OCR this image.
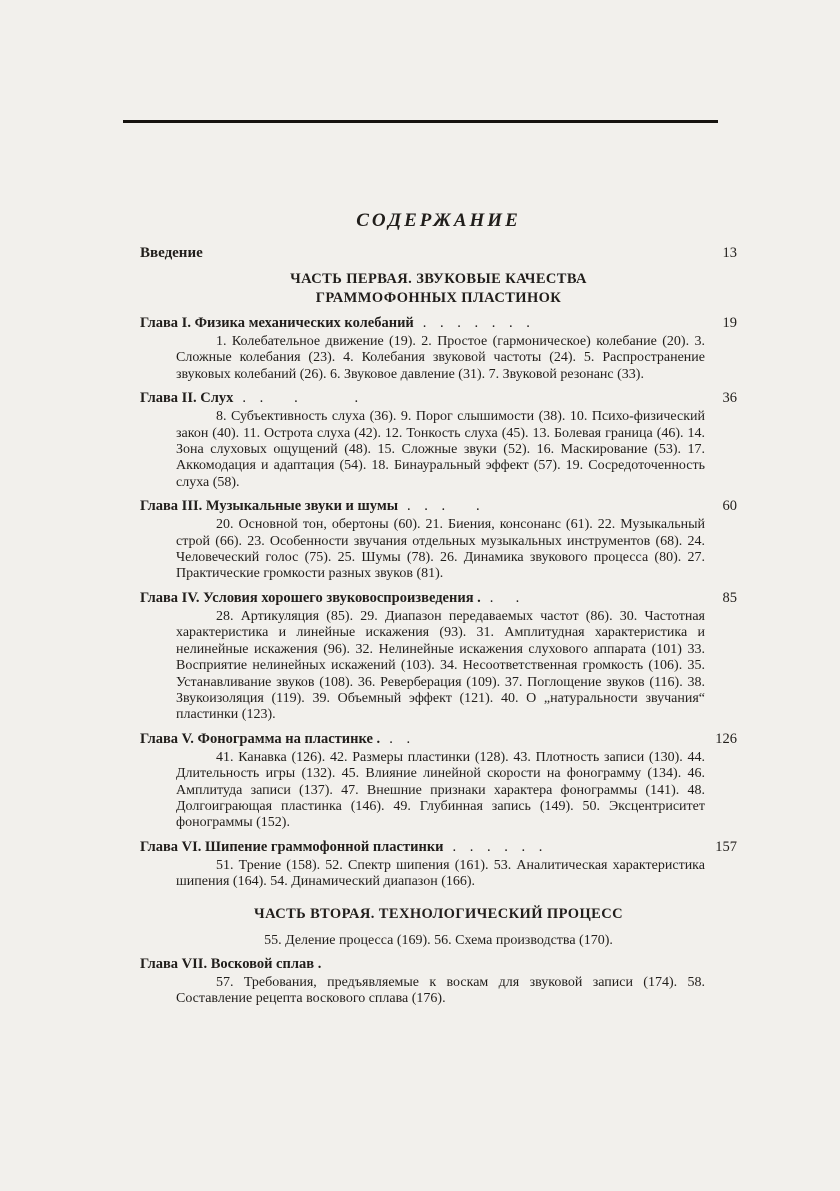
СОДЕРЖАНИЕ
Введение	13
ЧАСТЬ ПЕРВАЯ. ЗВУКОВЫЕ КАЧЕСТВА
ГРАММОФОННЫХ ПЛАСТИНОК
Глава I. Физика механических колебаний . . . . . . .	19

1. Колебательное движение (19). 2. Простое (гармоническое) колебание (20). 3. Сложные колебания (23). 4. Колебания звуковой частоты (24). 5. Распространение звуковых колебаний (26). 6. Звуковое давление (31). 7. Звуковой резонанс (33).

Глава II. Слух . .   .      .	36

8. Субъективность слуха (36). 9. Порог слышимости (38). 10. Психо-физический закон (40). 11. Острота слуха (42). 12. Тонкость слуха (45). 13. Болевая граница (46). 14. Зона слуховых ощущений (48). 15. Сложные звуки (52). 16. Маскирование (53). 17. Аккомодация и адаптация (54). 18. Бинауральный эффект (57). 19. Сосредоточенность слуха (58).

Глава III. Музыкальные звуки и шумы . . .   .	60

20. Основной тон, обертоны (60). 21. Биения, консонанс (61). 22. Музыкальный строй (66). 23. Особенности звучания отдельных музыкальных инструментов (68). 24. Человеческий голос (75). 25. Шумы (78). 26. Динамика звукового процесса (80). 27. Практические громкости разных звуков (81).

Глава IV. Условия хорошего звуковоспроизведения . .  .	85

28. Артикуляция (85). 29. Диапазон передаваемых частот (86). 30. Частотная характеристика и линейные искажения (93). 31. Амплитудная характеристика и нелинейные искажения (96). 32. Нелинейные искажения слухового аппарата (101) 33. Восприятие нелинейных искажений (103). 34. Несоответственная громкость (106). 35. Устанавливание звуков (108). 36. Реверберация (109). 37. Поглощение звуков (116). 38. Звукоизоляция (119). 39. Объемный эффект (121). 40. О „натуральности звучания“ пластинки (123).

Глава V. Фонограмма на пластинке . . .	126

41. Канавка (126). 42. Размеры пластинки (128). 43. Плотность записи (130). 44. Длительность игры (132). 45. Влияние линейной скорости на фонограмму (134). 46. Амплитуда записи (137). 47. Внешние признаки характера фонограммы (141). 48. Долгоиграющая пластинка (146). 49. Глубинная запись (149). 50. Эксцентриситет фонограммы (152).

Глава VI. Шипение граммофонной пластинки . . . . . .	157

51. Трение (158). 52. Спектр шипения (161). 53. Аналитическая характеристика шипения (164). 54. Динамический диапазон (166).

ЧАСТЬ ВТОРАЯ. ТЕХНОЛОГИЧЕСКИЙ ПРОЦЕСС

55. Деление процесса (169). 56. Схема производства (170).

Глава VII. Восковой сплав .

57. Требования, предъявляемые к воскам для звуковой записи (174). 58. Составление рецепта воскового сплава (176).
